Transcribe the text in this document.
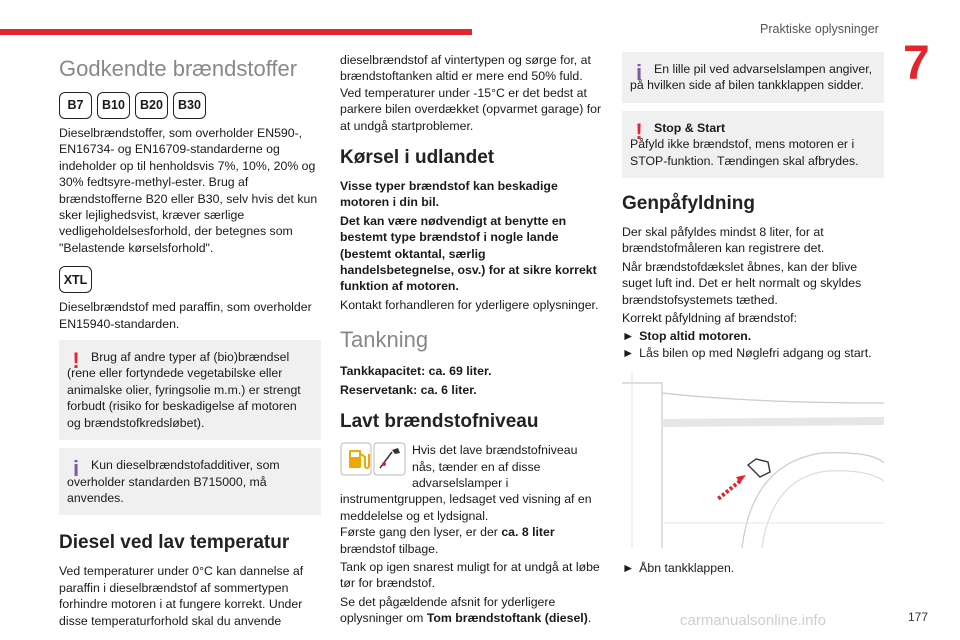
Praktiske oplysninger
7
Godkendte brændstoffer
B7	B10	B20	B30

Dieselbrændstoffer, som overholder EN590-, EN16734- og EN16709-standarderne og indeholder op til henholdsvis 7%, 10%, 20% og 30% fedtsyre-methyl-ester. Brug af brændstofferne B20 eller B30, selv hvis det kun sker lejlighedsvist, kræver særlige vedligeholdelsesforhold, der betegnes som "Belastende kørselsforhold".

XTL

Dieselbrændstof med paraffin, som overholder EN15940-standarden.

! Brug af andre typer af (bio)brændsel
(rene eller fortyndede vegetabilske eller animalske olier, fyringsolie m.m.) er strengt forbudt (risiko for beskadigelse af motoren og brændstofkredsløbet).
i Kun dieselbrændstofadditiver, som
overholder standarden B715000, må anvendes.
Diesel ved lav temperatur

Ved temperaturer under 0°C kan dannelse af paraffin i dieselbrændstof af sommertypen forhindre motoren i at fungere korrekt. Under disse temperaturforhold skal du anvende

dieselbrændstof af vintertypen og sørge for, at brændstoftanken altid er mere end 50% fuld. Ved temperaturer under -15°C er det bedst at parkere bilen overdækket (opvarmet garage) for at undgå startproblemer.

Kørsel i udlandet

Visse typer brændstof kan beskadige motoren i din bil.

Det kan være nødvendigt at benytte en bestemt type brændstof i nogle lande (bestemt oktantal, særlig handelsbetegnelse, osv.) for at sikre korrekt funktion af motoren.

Kontakt forhandleren for yderligere oplysninger.

Tankning

Tankkapacitet: ca. 69 liter.

Reservetank: ca. 6 liter.

Lavt brændstofniveau
Hvis det lave brændstofniveau nås, tænder en af disse advarselslamper i instrumentgruppen, ledsaget ved visning af en meddelelse og et lydsignal.

Første gang den lyser, er der ca. 8 liter brændstof tilbage.

Tank op igen snarest muligt for at undgå at løbe tør for brændstof.

Se det pågældende afsnit for yderligere oplysninger om Tom brændstoftank (diesel).

i En lille pil ved advarselslampen angiver,
på hvilken side af bilen tankklappen sidder.
! Stop & Start
Påfyld ikke brændstof, mens motoren er i STOP-funktion. Tændingen skal afbrydes.
Genpåfyldning

Der skal påfyldes mindst 8 liter, for at brændstofmåleren kan registrere det.

Når brændstofdækslet åbnes, kan der blive suget luft ind. Det er helt normalt og skyldes brændstofsystemets tæthed.

Korrekt påfyldning af brændstof:

► Stop altid motoren.
► Lås bilen op med Nøglefri adgang og start.
► Åbn tankklappen.
carmanualsonline.info	177
